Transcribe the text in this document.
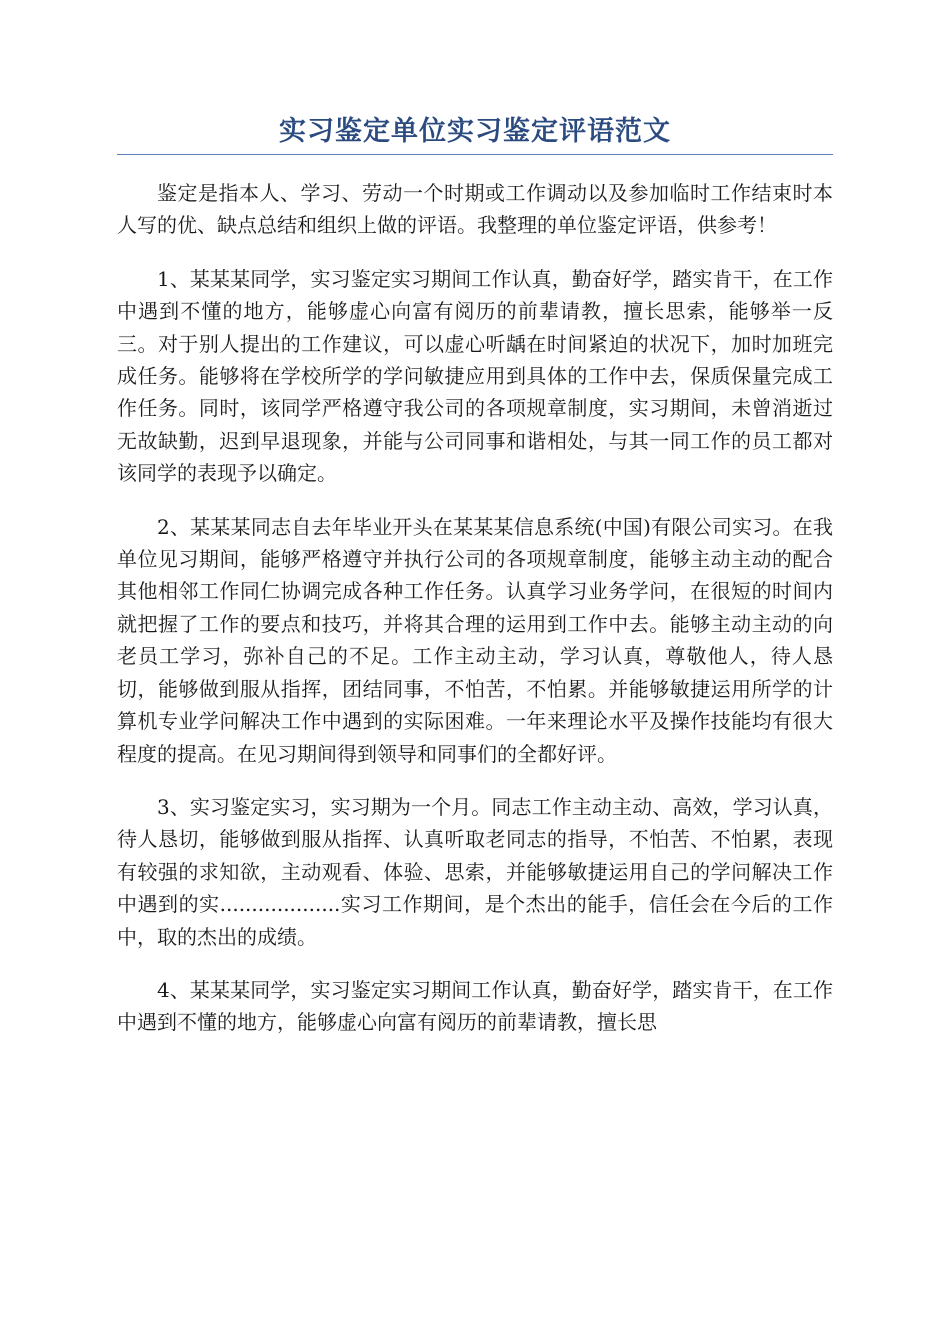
实习鉴定单位实习鉴定评语范文

鉴定是指本人、学习、劳动一个时期或工作调动以及参加临时工作结束时本人写的优、缺点总结和组织上做的评语。我整理的单位鉴定评语，供参考！

1、某某某同学，实习鉴定实习期间工作认真，勤奋好学，踏实肯干，在工作中遇到不懂的地方，能够虚心向富有阅历的前辈请教，擅长思索，能够举一反三。对于别人提出的工作建议，可以虚心听龋在时间紧迫的状况下，加时加班完成任务。能够将在学校所学的学问敏捷应用到具体的工作中去，保质保量完成工作任务。同时，该同学严格遵守我公司的各项规章制度，实习期间，未曾消逝过无故缺勤，迟到早退现象，并能与公司同事和谐相处，与其一同工作的员工都对该同学的表现予以确定。

2、某某某同志自去年毕业开头在某某某信息系统(中国)有限公司实习。在我单位见习期间，能够严格遵守并执行公司的各项规章制度，能够主动主动的配合其他相邻工作同仁协调完成各种工作任务。认真学习业务学问，在很短的时间内就把握了工作的要点和技巧，并将其合理的运用到工作中去。能够主动主动的向老员工学习，弥补自己的不足。工作主动主动，学习认真，尊敬他人，待人恳切，能够做到服从指挥，团结同事，不怕苦，不怕累。并能够敏捷运用所学的计算机专业学问解决工作中遇到的实际困难。一年来理论水平及操作技能均有很大程度的提高。在见习期间得到领导和同事们的全都好评。

3、实习鉴定实习，实习期为一个月。同志工作主动主动、高效，学习认真，待人恳切，能够做到服从指挥、认真听取老同志的指导，不怕苦、不怕累，表现有较强的求知欲，主动观看、体验、思索，并能够敏捷运用自己的学问解决工作中遇到的实...................实习工作期间，是个杰出的能手，信任会在今后的工作中，取的杰出的成绩。

4、某某某同学，实习鉴定实习期间工作认真，勤奋好学，踏实肯干，在工作中遇到不懂的地方，能够虚心向富有阅历的前辈请教，擅长思
